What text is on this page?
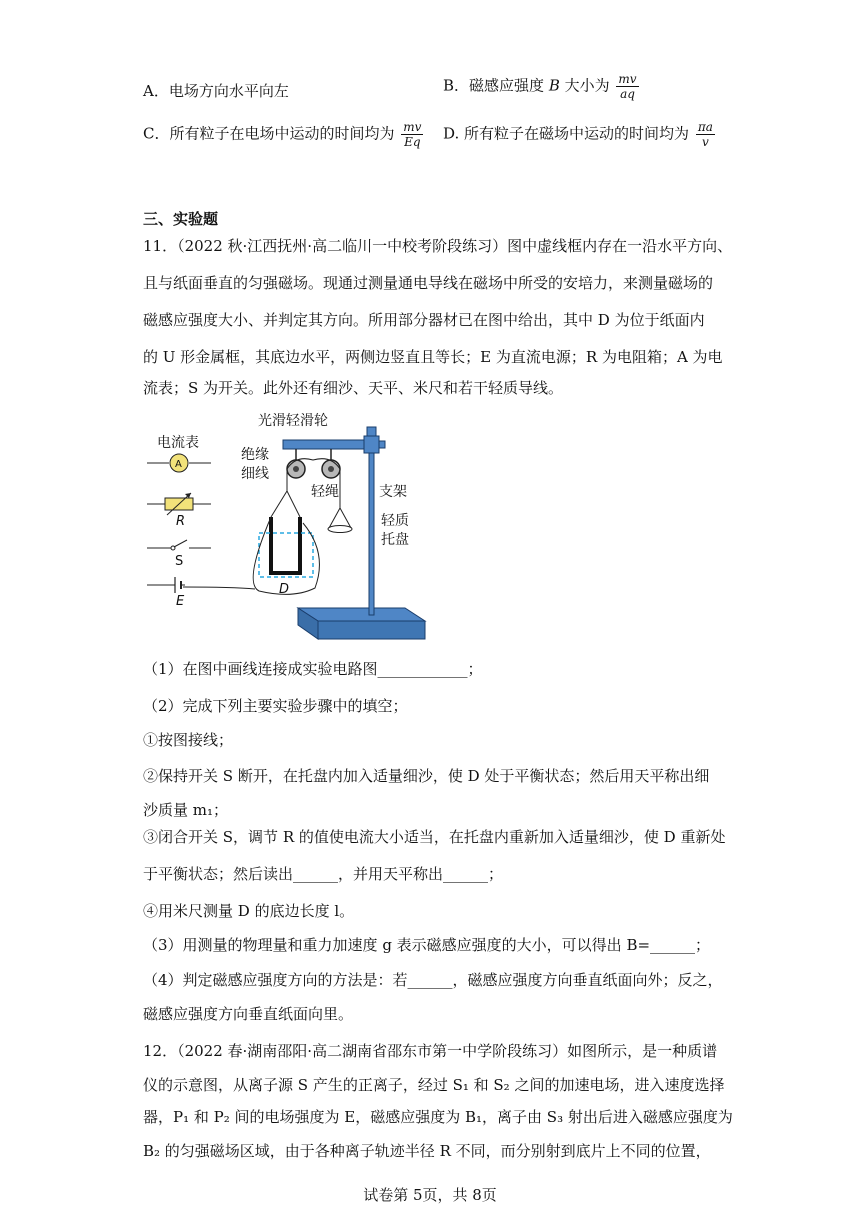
A．电场方向水平向左	B．磁感应强度 B 大小为 $\frac{mv}{aq}$
C．所有粒子在电场中运动的时间均为 $\frac{mv}{Eq} D$. 所有粒子在磁场中运动的时间均为 $\frac{\pi a}{v}$
三、实验题
11．（2022 秋·江西抚州·高二临川一中校考阶段练习）图中虚线框内存在一沿水平方向、
且与纸面垂直的匀强磁场。现通过测量通电导线在磁场中所受的安培力，来测量磁场的
磁感应强度大小、并判定其方向。所用部分器材已在图中给出，其中 D 为位于纸面内
的 U 形金属框，其底边水平，两侧边竖直且等长；E 为直流电源；R 为电阻箱；A 为电
流表；S 为开关。此外还有细沙、天平、米尺和若干轻质导线。
光滑轻滑轮
电流表
A
绝缘
细线
轻绳	支架
R
S
D
E
轻质
托盘
（1）在图中画线连接成实验电路图____________；
（2）完成下列主要实验步骤中的填空；
①按图接线；
②保持开关 S 断开，在托盘内加入适量细沙，使 D 处于平衡状态；然后用天平称出细
沙质量 m₁；
③闭合开关 S，调节 R 的值使电流大小适当，在托盘内重新加入适量细沙，使 D 重新处
于平衡状态；然后读出______，并用天平称出______；
④用米尺测量 D 的底边长度 l。
（3）用测量的物理量和重力加速度 g 表示磁感应强度的大小，可以得出 B=______；
（4）判定磁感应强度方向的方法是：若______，磁感应强度方向垂直纸面向外；反之，
磁感应强度方向垂直纸面向里。
12．（2022 春·湖南邵阳·高二湖南省邵东市第一中学阶段练习）如图所示，是一种质谱
仪的示意图，从离子源 S 产生的正离子，经过 S₁ 和 S₂ 之间的加速电场，进入速度选择
器，P₁ 和 P₂ 间的电场强度为 E，磁感应强度为 B₁，离子由 S₃ 射出后进入磁感应强度为
B₂ 的匀强磁场区域，由于各种离子轨迹半径 R 不同，而分别射到底片上不同的位置，
试卷第 5页，共 8页
